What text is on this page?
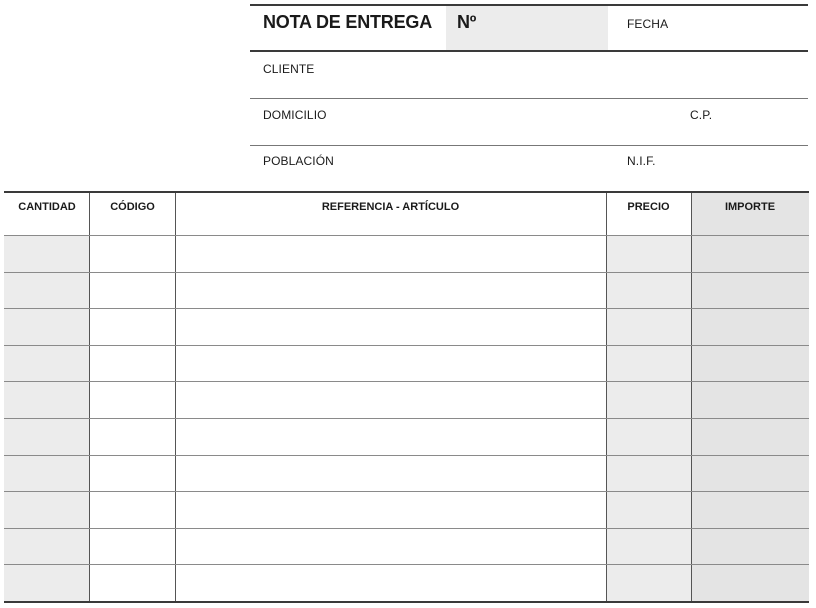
NOTA DE ENTREGA Nº	FECHA
CLIENTE
DOMICILIO	C.P.
POBLACIÓN	N.I.F.
CANTIDAD	CÓDIGO	REFERENCIA - ARTÍCULO	PRECIO	IMPORTE
